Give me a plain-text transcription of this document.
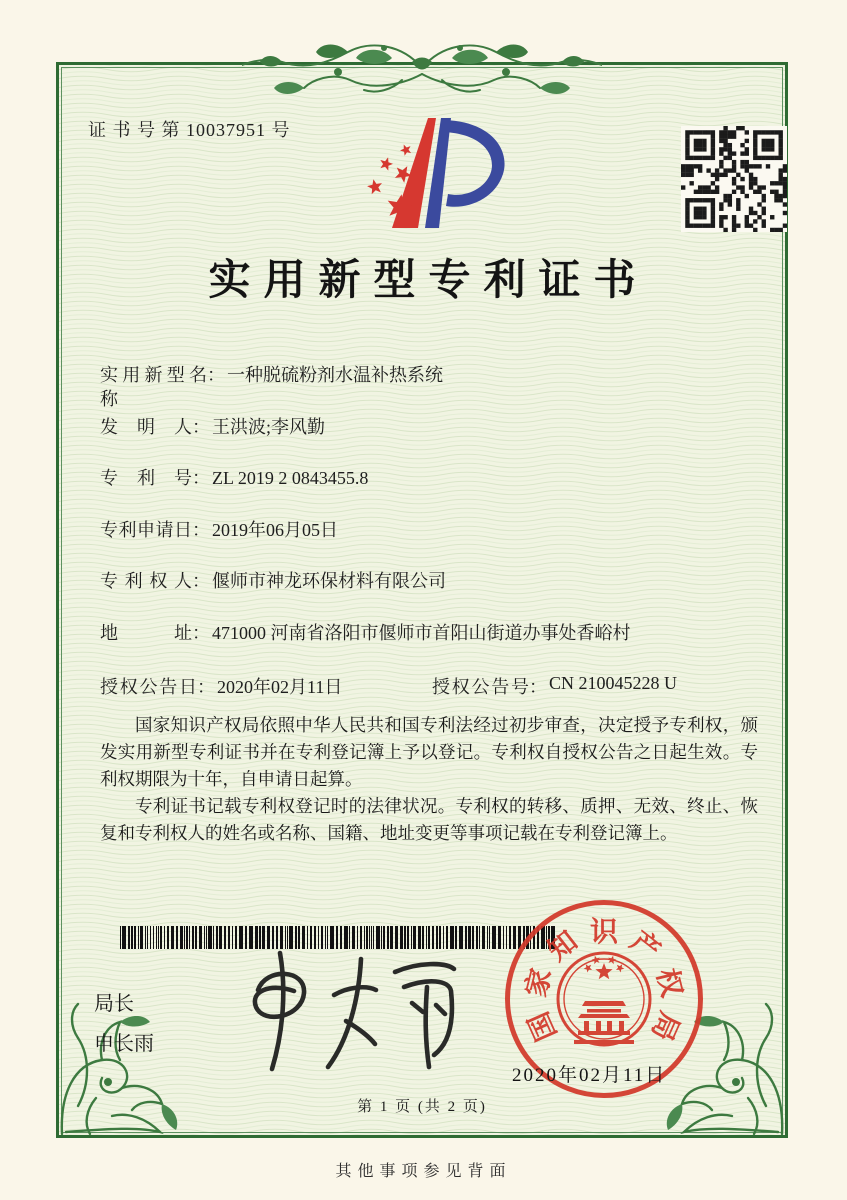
证 书 号 第 10037951 号
实用新型专利证书
实用新型名称
： 一种脱硫粉剂水温补热系统
发明人 ： 王洪波;李风勤
专利号 ： ZL 2019 2 0843455.8
专利申请日 ： 2019年06月05日
专利权人 ： 偃师市神龙环保材料有限公司
地址 ： 471000 河南省洛阳市偃师市首阳山街道办事处香峪村
授权公告日 ： 2020年02月11日	授权公告号 ： CN 210045228 U

国家知识产权局依照中华人民共和国专利法经过初步审查，决定授予专利权，颁发实用新型专利证书并在专利登记簿上予以登记。专利权自授权公告之日起生效。专利权期限为十年，自申请日起算。

专利证书记载专利权登记时的法律状况。专利权的转移、质押、无效、终止、恢复和专利权人的姓名或名称、国籍、地址变更等事项记载在专利登记簿上。

局长
申长雨	国
家
知 识 产
权
局
2020年02月11日
第 1 页 (共 2 页)
其他事项参见背面
